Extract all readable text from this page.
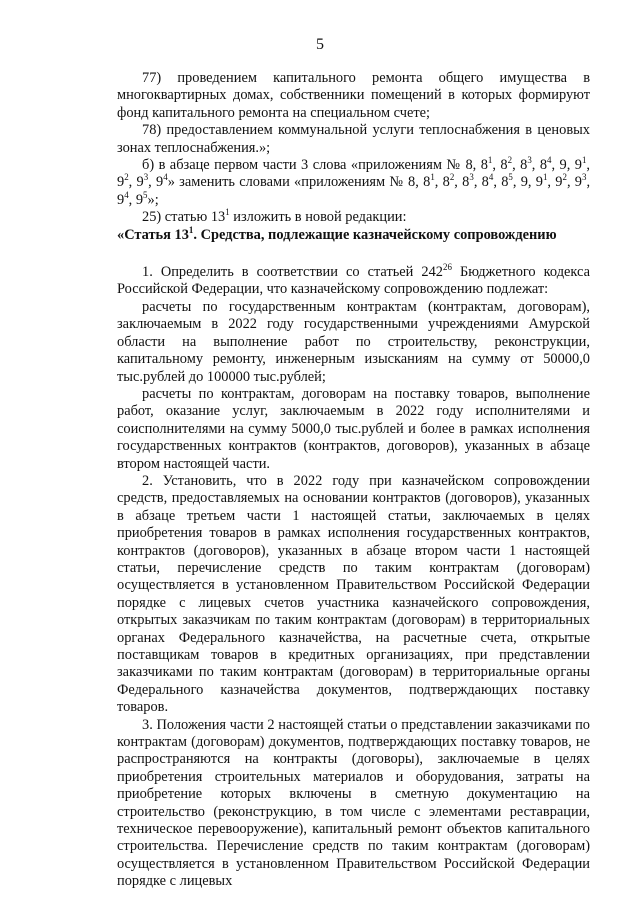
5

77) проведением капитального ремонта общего имущества в многоквартирных домах, собственники помещений в которых формируют фонд капитального ремонта на специальном счете;

78) предоставлением коммунальной услуги теплоснабжения в ценовых зонах теплоснабжения.»;

б) в абзаце первом части 3 слова «приложениям № 8, $8^1$, $8^2$, $8^3$, $8^4$, 9, $9^1$, $9^2$, $9^3$, $9^4$» заменить словами «приложениям № 8, $8^1$, $8^2$, $8^3$, $8^4$, $8^5$, 9, $9^1$, $9^2$, $9^3$, $9^4$, $9^5$»;

25) статью $13^1$ изложить в новой редакции:

«Статья $13^1$. Средства, подлежащие казначейскому сопровождению

1. Определить в соответствии со статьей $242^{26}$ Бюджетного кодекса Российской Федерации, что казначейскому сопровождению подлежат:

расчеты по государственным контрактам (контрактам, договорам), заключаемым в 2022 году государственными учреждениями Амурской области на выполнение работ по строительству, реконструкции, капитальному ремонту, инженерным изысканиям на сумму от 50000,0 тыс.рублей до 100000 тыс.рублей;

расчеты по контрактам, договорам на поставку товаров, выполнение работ, оказание услуг, заключаемым в 2022 году исполнителями и соисполнителями на сумму 5000,0 тыс.рублей и более в рамках исполнения государственных контрактов (контрактов, договоров), указанных в абзаце втором настоящей части.

2. Установить, что в 2022 году при казначейском сопровождении средств, предоставляемых на основании контрактов (договоров), указанных в абзаце третьем части 1 настоящей статьи, заключаемых в целях приобретения товаров в рамках исполнения государственных контрактов, контрактов (договоров), указанных в абзаце втором части 1 настоящей статьи, перечисление средств по таким контрактам (договорам) осуществляется в установленном Правительством Российской Федерации порядке с лицевых счетов участника казначейского сопровождения, открытых заказчикам по таким контрактам (договорам) в территориальных органах Федерального казначейства, на расчетные счета, открытые поставщикам товаров в кредитных организациях, при представлении заказчиками по таким контрактам (договорам) в территориальные органы Федерального казначейства документов, подтверждающих поставку товаров.

3. Положения части 2 настоящей статьи о представлении заказчиками по контрактам (договорам) документов, подтверждающих поставку товаров, не распространяются на контракты (договоры), заключаемые в целях приобретения строительных материалов и оборудования, затраты на приобретение которых включены в сметную документацию на строительство (реконструкцию, в том числе с элементами реставрации, техническое перевооружение), капитальный ремонт объектов капитального строительства. Перечисление средств по таким контрактам (договорам) осуществляется в установленном Правительством Российской Федерации порядке с лицевых
